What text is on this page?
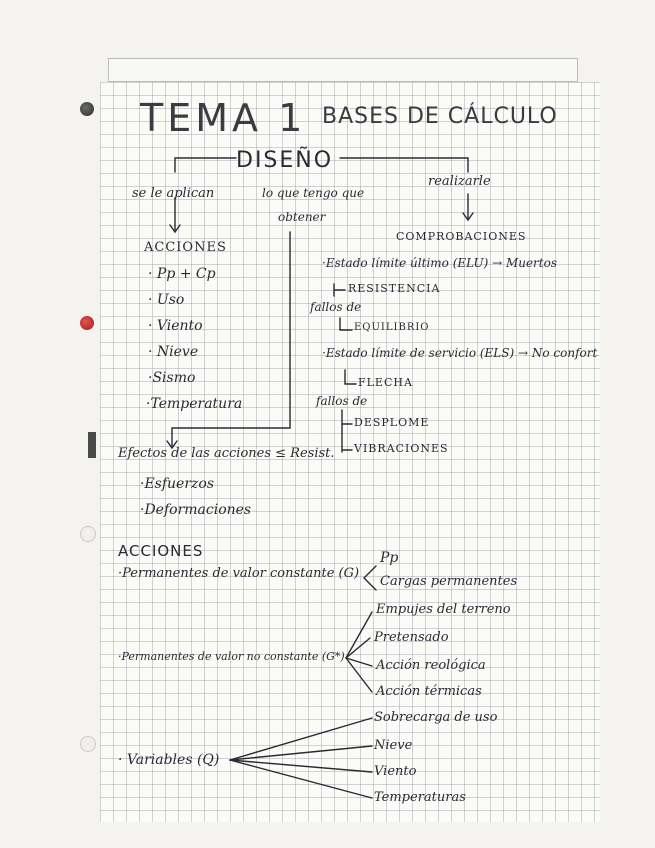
TEMA 1 BASES DE CÁLCULO
DISEÑO
se le aplican	lo que tengo que
obtener
realizarle
ACCIONES
· Pp + Cp
· Uso
· Viento
· Nieve
·Sismo
·Temperatura
Efectos de las acciones ≤ Resist.
·Esfuerzos
·Deformaciones
COMPROBACIONES
·Estado límite último (ELU) → Muertos
RESISTENCIA
fallos de
EQUILIBRIO
·Estado límite de servicio (ELS) → No confort
FLECHA
fallos de
DESPLOME
VIBRACIONES
ACCIONES
·Permanentes de valor constante (G)
Pp
Cargas permanentes
·Permanentes de valor no constante (G*)
Empujes del terreno
Pretensado
Acción reológica
Acción térmicas
· Variables (Q)
Sobrecarga de uso
Nieve
Viento
Temperaturas
